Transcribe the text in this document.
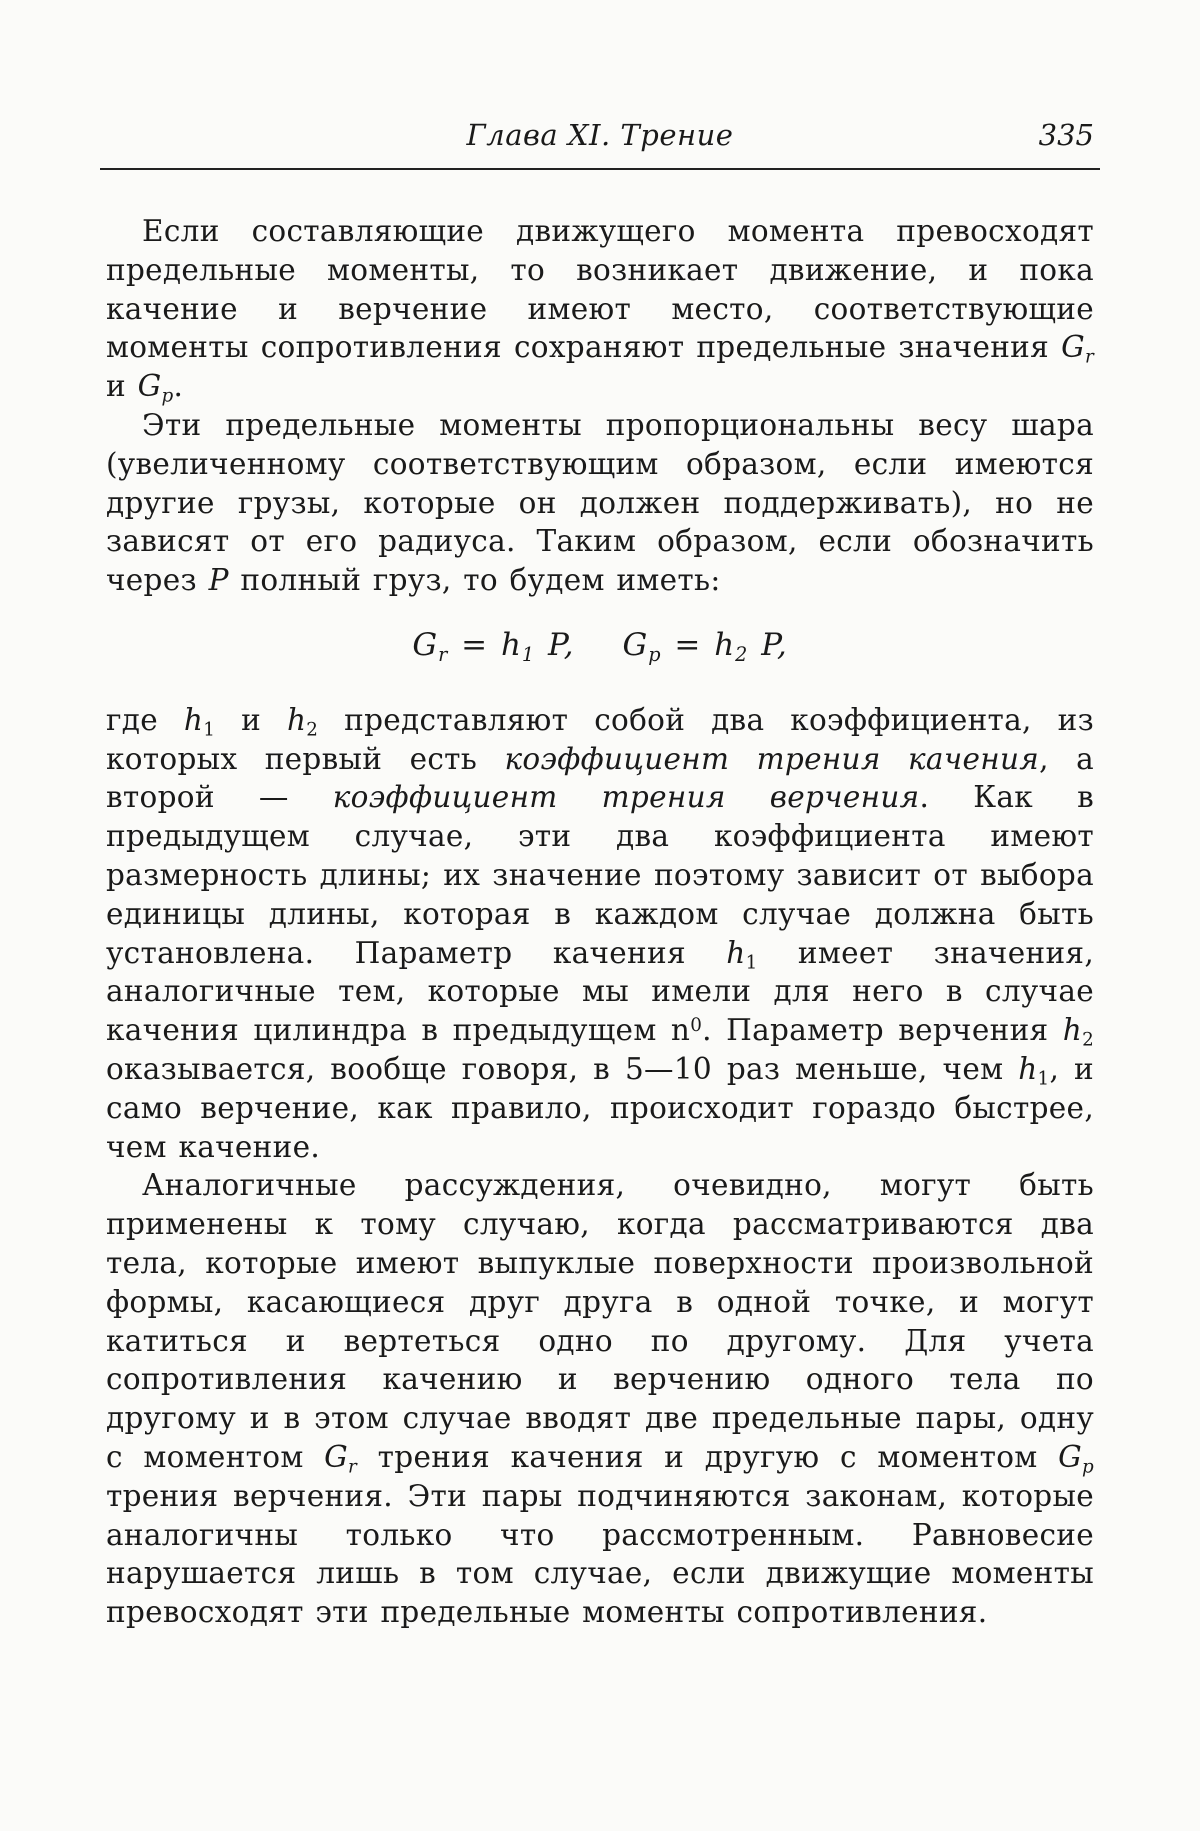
Глава XI. Трение	335

Если составляющие движущего момента превосходят предельные моменты, то возникает движение, и пока качение и верчение имеют место, соответствующие моменты сопротивления сохраняют предельные значения $G_r$ и $G_p$.

Эти предельные моменты пропорциональны весу шара (увеличенному соответствующим образом, если имеются другие грузы, которые он должен поддерживать), но не зависят от его радиуса. Таким образом, если обозначить через P полный груз, то будем иметь:

$G_r = h_1$ P, $G_p = h_2$ P,

где $h_1$ и $h_2$ представляют собой два коэффициента, из которых первый есть коэффициент трения качения, а второй — коэффициент трения верчения. Как в предыдущем случае, эти два коэффициента имеют размерность длины; их значение поэтому зависит от выбора единицы длины, которая в каждом случае должна быть установлена. Параметр качения $h_1$ имеет значения, аналогичные тем, которые мы имели для него в случае качения цилиндра в предыдущем $n^0$. Параметр верчения $h_2$ оказывается, вообще говоря, в 5—10 раз меньше, чем $h_1$, и само верчение, как правило, происходит гораздо быстрее, чем качение.

Аналогичные рассуждения, очевидно, могут быть применены к тому случаю, когда рассматриваются два тела, которые имеют выпуклые поверхности произвольной формы, касающиеся друг друга в одной точке, и могут катиться и вертеться одно по другому. Для учета сопротивления качению и верчению одного тела по другому и в этом случае вводят две предельные пары, одну с моментом $G_r$ трения качения и другую с моментом $G_p$ трения верчения. Эти пары подчиняются законам, которые аналогичны только что рассмотренным. Равновесие нарушается лишь в том случае, если движущие моменты превосходят эти предельные моменты сопротивления.
